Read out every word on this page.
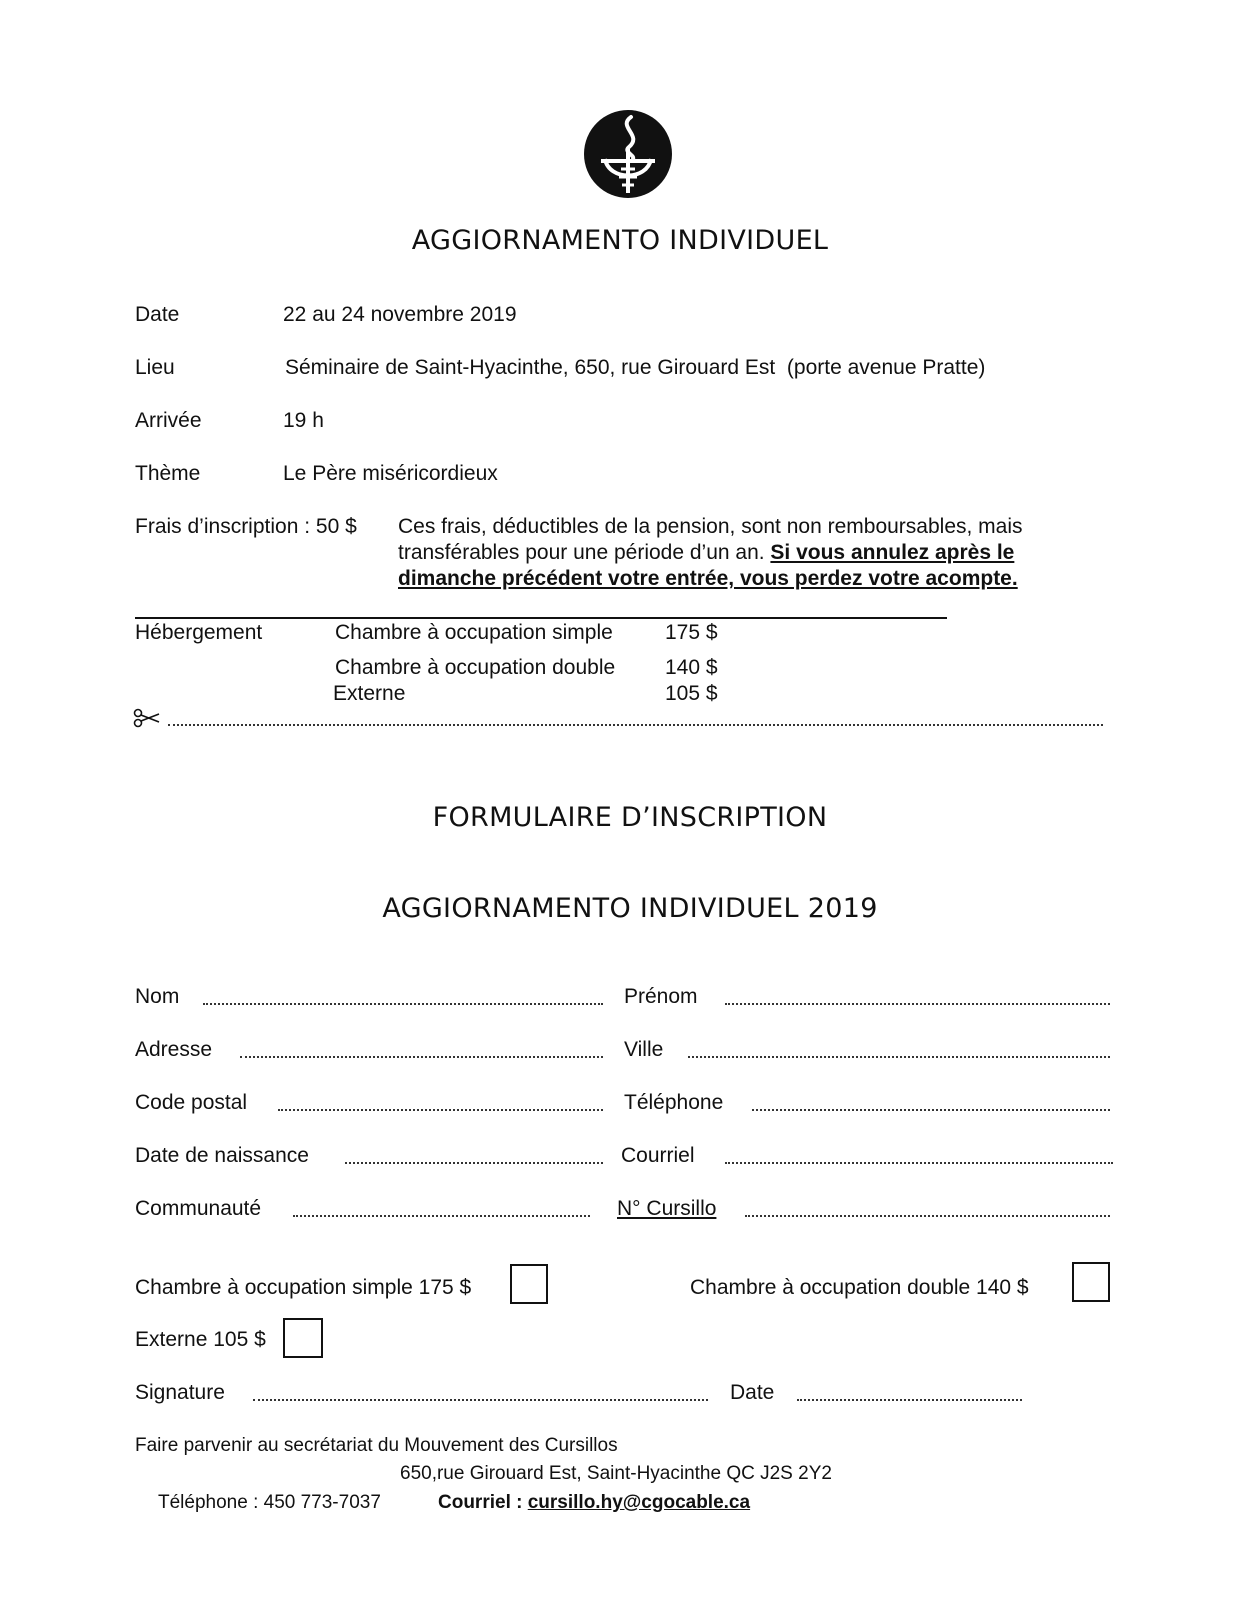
AGGIORNAMENTO INDIVIDUEL
Date	22 au 24 novembre 2019
Lieu	Séminaire de Saint-Hyacinthe, 650, rue Girouard Est  (porte avenue Pratte)
Arrivée	19 h
Thème	Le Père miséricordieux
Frais d’inscription : 50 $ Ces frais, déductibles de la pension, sont non remboursables, mais
transférables pour une période d’un an. Si vous annulez après le
dimanche précédent votre entrée, vous perdez votre acompte.
Hébergement	Chambre à occupation simple 175 $
Chambre à occupation double 140 $
Externe	105 $
FORMULAIRE D’INSCRIPTION
AGGIORNAMENTO INDIVIDUEL 2019
Nom	Prénom
Adresse	Ville
Code postal	Téléphone
Date de naissance	Courriel
Communauté	N° Cursillo
Chambre à occupation simple 175 $	Chambre à occupation double 140 $
Externe 105 $
Signature	Date
Faire parvenir au secrétariat du Mouvement des Cursillos
650,rue Girouard Est, Saint-Hyacinthe QC J2S 2Y2
Téléphone : 450 773-7037	Courriel : cursillo.hy@cgocable.ca
